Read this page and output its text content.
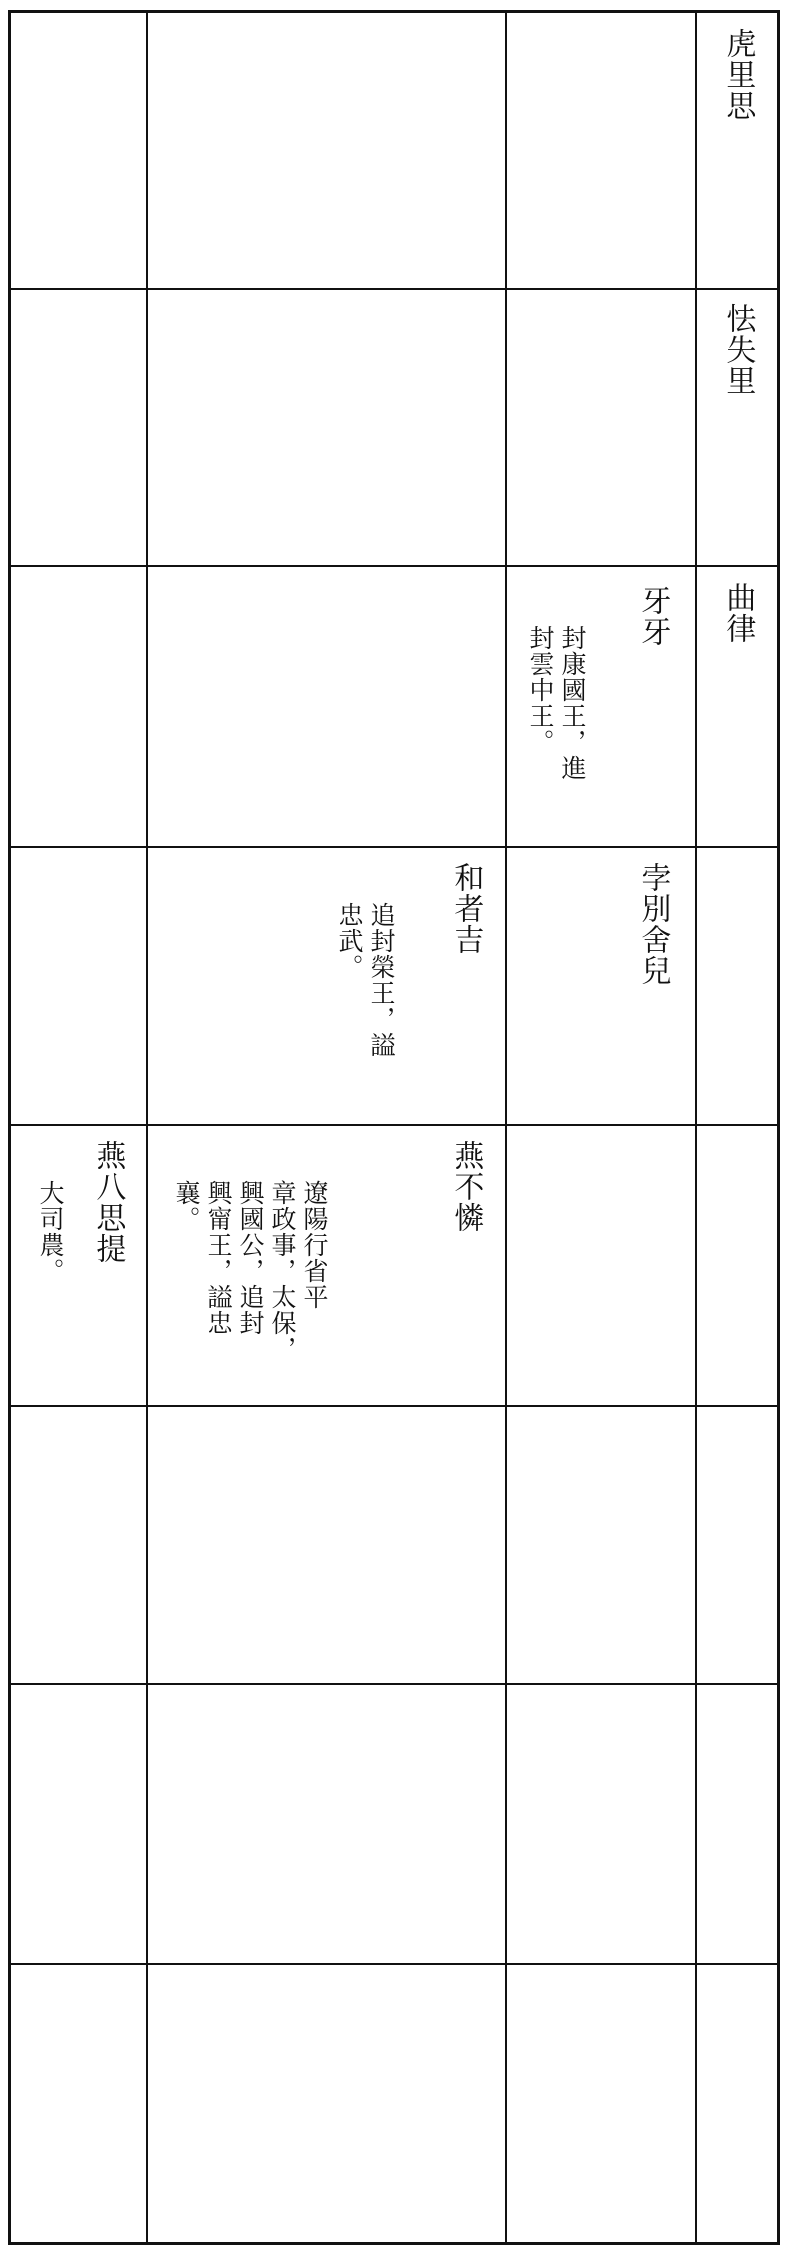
虎里思
怯失里
曲律
牙牙
封康國王，進
封雲中王。
孛別舍兒
和者吉
追封榮王，謚
忠武。
燕不憐
遼陽行省平
章政事，太保，
興國公，追封
興甯王，謚忠
襄。
燕八思提
大司農。
